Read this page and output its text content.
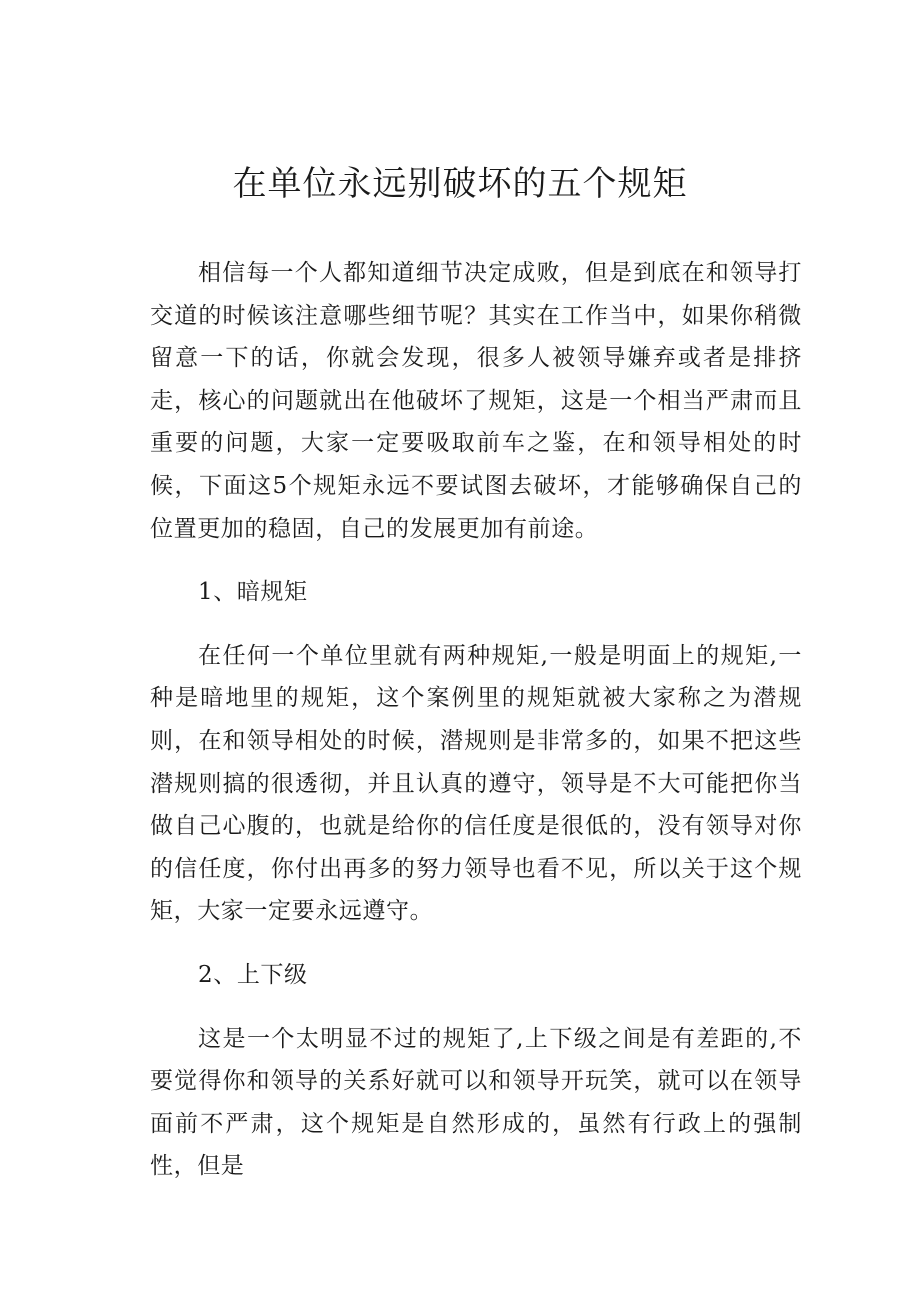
在单位永远别破坏的五个规矩

相信每一个人都知道细节决定成败，但是到底在和领导打交道的时候该注意哪些细节呢？其实在工作当中，如果你稍微留意一下的话，你就会发现，很多人被领导嫌弃或者是排挤走，核心的问题就出在他破坏了规矩，这是一个相当严肃而且重要的问题，大家一定要吸取前车之鉴，在和领导相处的时候，下面这5个规矩永远不要试图去破坏，才能够确保自己的位置更加的稳固，自己的发展更加有前途。

1、暗规矩

在任何一个单位里就有两种规矩,一般是明面上的规矩,一种是暗地里的规矩，这个案例里的规矩就被大家称之为潜规则，在和领导相处的时候，潜规则是非常多的，如果不把这些潜规则搞的很透彻，并且认真的遵守，领导是不大可能把你当做自己心腹的，也就是给你的信任度是很低的，没有领导对你的信任度，你付出再多的努力领导也看不见，所以关于这个规矩，大家一定要永远遵守。

2、上下级

这是一个太明显不过的规矩了,上下级之间是有差距的,不要觉得你和领导的关系好就可以和领导开玩笑，就可以在领导面前不严肃，这个规矩是自然形成的，虽然有行政上的强制性，但是
